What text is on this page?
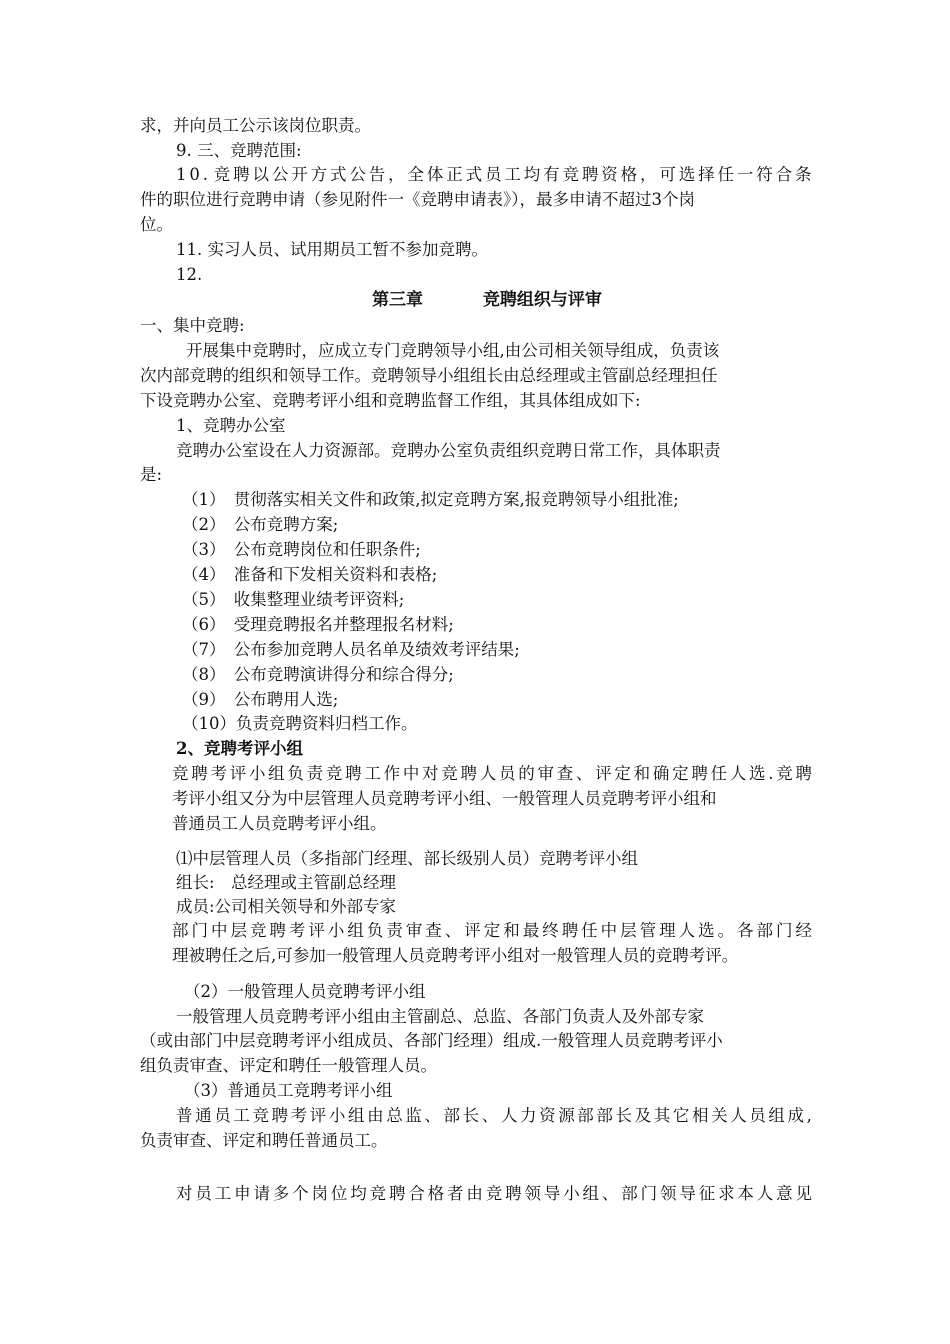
求，并向员工公示该岗位职责。
9. 三、竞聘范围:
1 0 . 竞 聘 以 公 开 方 式 公 告 ， 全 体 正 式 员 工 均 有 竞 聘 资 格 ， 可 选 择 任 一 符 合 条
件的职位进行竞聘申请（参见附件一《竞聘申请表》），最多申请不超过3个岗
位。
11. 实习人员、试用期员工暂不参加竞聘。
12.
第三章	竞聘组织与评审
一、集中竞聘:
开展集中竞聘时，应成立专门竞聘领导小组,由公司相关领导组成，负责该
次内部竞聘的组织和领导工作。竞聘领导小组组长由总经理或主管副总经理担任
下设竞聘办公室、竞聘考评小组和竞聘监督工作组，其具体组成如下:
1、竞聘办公室
竞聘办公室设在人力资源部。竞聘办公室负责组织竞聘日常工作，具体职责
是:
（1）　贯彻落实相关文件和政策,拟定竞聘方案,报竞聘领导小组批准;
（2）　公布竞聘方案;
（3）　公布竞聘岗位和任职条件;
（4）　准备和下发相关资料和表格;
（5）　收集整理业绩考评资料;
（6）　受理竞聘报名并整理报名材料;
（7）　公布参加竞聘人员名单及绩效考评结果;
（8）　公布竞聘演讲得分和综合得分;
（9）　公布聘用人选;
（10）负责竞聘资料归档工作。
2、竞聘考评小组
竞 聘 考 评 小 组 负 责 竞 聘 工 作 中 对 竞 聘 人 员 的 审 查 、 评 定 和 确 定 聘 任 人 选 . 竞 聘
考评小组又分为中层管理人员竞聘考评小组、一般管理人员竞聘考评小组和
普通员工人员竞聘考评小组。
⑴中层管理人员（多指部门经理、部长级别人员）竞聘考评小组
组长:　总经理或主管副总经理
成员:公司相关领导和外部专家
部 门 中 层 竞 聘 考 评 小 组 负 责 审 查 、 评 定 和 最 终 聘 任 中 层 管 理 人 选 。 各 部 门 经
理被聘任之后,可参加一般管理人员竞聘考评小组对一般管理人员的竞聘考评。
（2）一般管理人员竞聘考评小组
一般管理人员竞聘考评小组由主管副总、总监、各部门负责人及外部专家
（或由部门中层竞聘考评小组成员、各部门经理）组成.一般管理人员竞聘考评小
组负责审查、评定和聘任一般管理人员。
（3）普通员工竞聘考评小组
普 通 员 工 竞 聘 考 评 小 组 由 总 监 、 部 长 、 人 力 资 源 部 部 长 及 其 它 相 关 人 员 组 成 ,
负责审查、评定和聘任普通员工。
对 员 工 申 请 多 个 岗 位 均 竞 聘 合 格 者 由 竞 聘 领 导 小 组 、 部 门 领 导 征 求 本 人 意 见
